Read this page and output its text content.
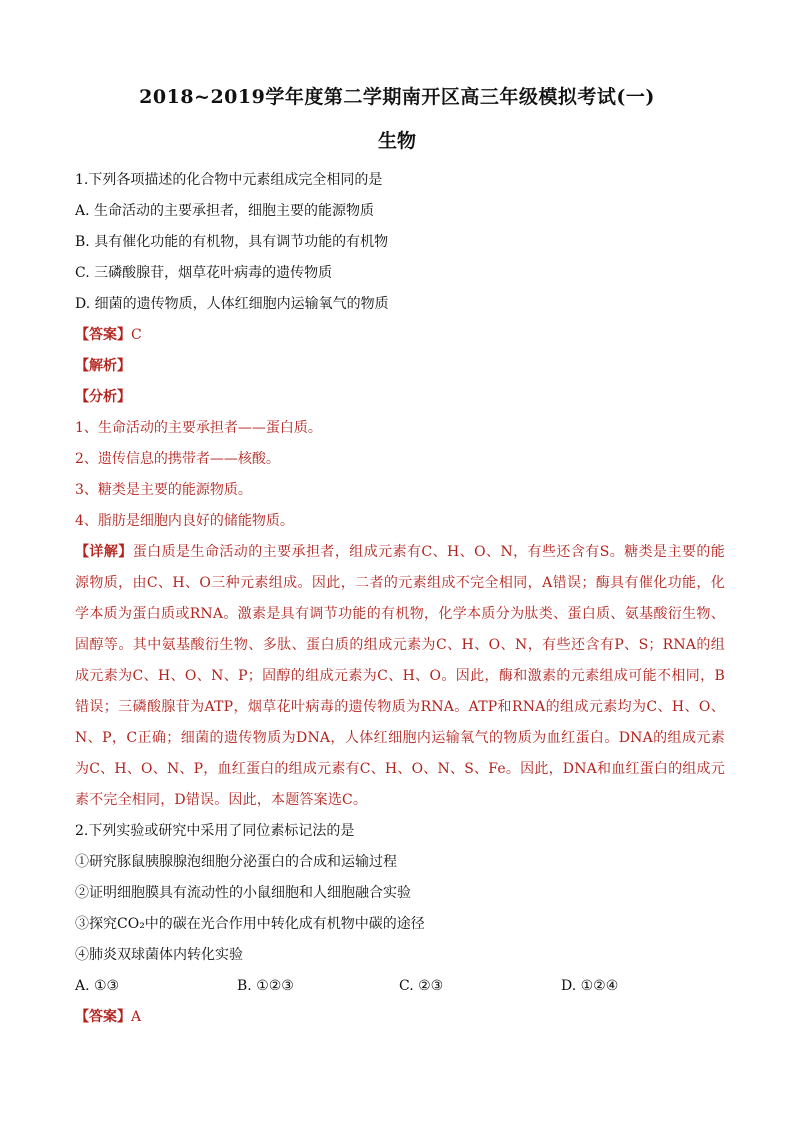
2018~2019学年度第二学期南开区高三年级模拟考试(一)
生物
1.下列各项描述的化合物中元素组成完全相同的是
A. 生命活动的主要承担者，细胞主要的能源物质
B. 具有催化功能的有机物，具有调节功能的有机物
C. 三磷酸腺苷，烟草花叶病毒的遗传物质
D. 细菌的遗传物质，人体红细胞内运输氧气的物质
【答案】C
【解析】
【分析】
1、生命活动的主要承担者——蛋白质。
2、遗传信息的携带者——核酸。
3、糖类是主要的能源物质。
4、脂肪是细胞内良好的储能物质。
【详解】蛋白质是生命活动的主要承担者，组成元素有C、H、O、N，有些还含有S。糖类是主要的能源物质，由C、H、O三种元素组成。因此，二者的元素组成不完全相同，A错误；酶具有催化功能，化学本质为蛋白质或RNA。激素是具有调节功能的有机物，化学本质分为肽类、蛋白质、氨基酸衍生物、固醇等。其中氨基酸衍生物、多肽、蛋白质的组成元素为C、H、O、N，有些还含有P、S；RNA的组成元素为C、H、O、N、P；固醇的组成元素为C、H、O。因此，酶和激素的元素组成可能不相同，B错误；三磷酸腺苷为ATP，烟草花叶病毒的遗传物质为RNA。ATP和RNA的组成元素均为C、H、O、N、P，C正确；细菌的遗传物质为DNA，人体红细胞内运输氧气的物质为血红蛋白。DNA的组成元素为C、H、O、N、P，血红蛋白的组成元素有C、H、O、N、S、Fe。因此，DNA和血红蛋白的组成元素不完全相同，D错误。因此，本题答案选C。
2.下列实验或研究中采用了同位素标记法的是
①研究豚鼠胰腺腺泡细胞分泌蛋白的合成和运输过程
②证明细胞膜具有流动性的小鼠细胞和人细胞融合实验
③探究CO₂中的碳在光合作用中转化成有机物中碳的途径
④肺炎双球菌体内转化实验
A. ①③	B. ①②③	C. ②③	D. ①②④
【答案】A
